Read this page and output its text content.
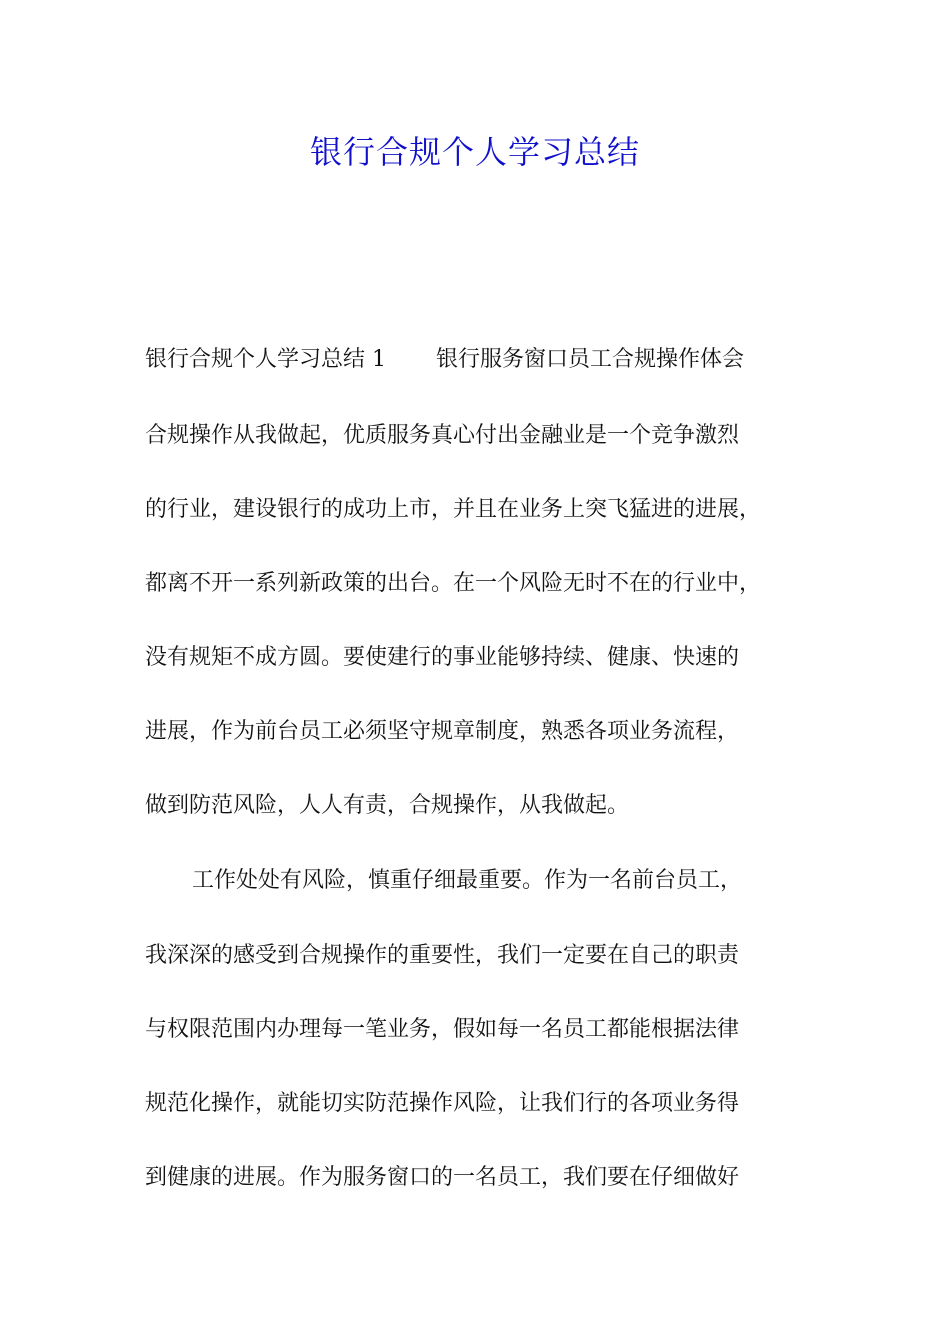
银行合规个人学习总结
银行合规个人学习总结 1 银行服务窗口员工合规操作体会
合规操作从我做起，优质服务真心付出金融业是一个竞争激烈
的行业，建设银行的成功上市，并且在业务上突飞猛进的进展，
都离不开一系列新政策的出台。在一个风险无时不在的行业中，
没有规矩不成方圆。要使建行的事业能够持续、健康、快速的
进展，作为前台员工必须坚守规章制度，熟悉各项业务流程，
做到防范风险，人人有责，合规操作，从我做起。
工作处处有风险，慎重仔细最重要。作为一名前台员工，
我深深的感受到合规操作的重要性，我们一定要在自己的职责
与权限范围内办理每一笔业务，假如每一名员工都能根据法律
规范化操作，就能切实防范操作风险，让我们行的各项业务得
到健康的进展。作为服务窗口的一名员工，我们要在仔细做好
